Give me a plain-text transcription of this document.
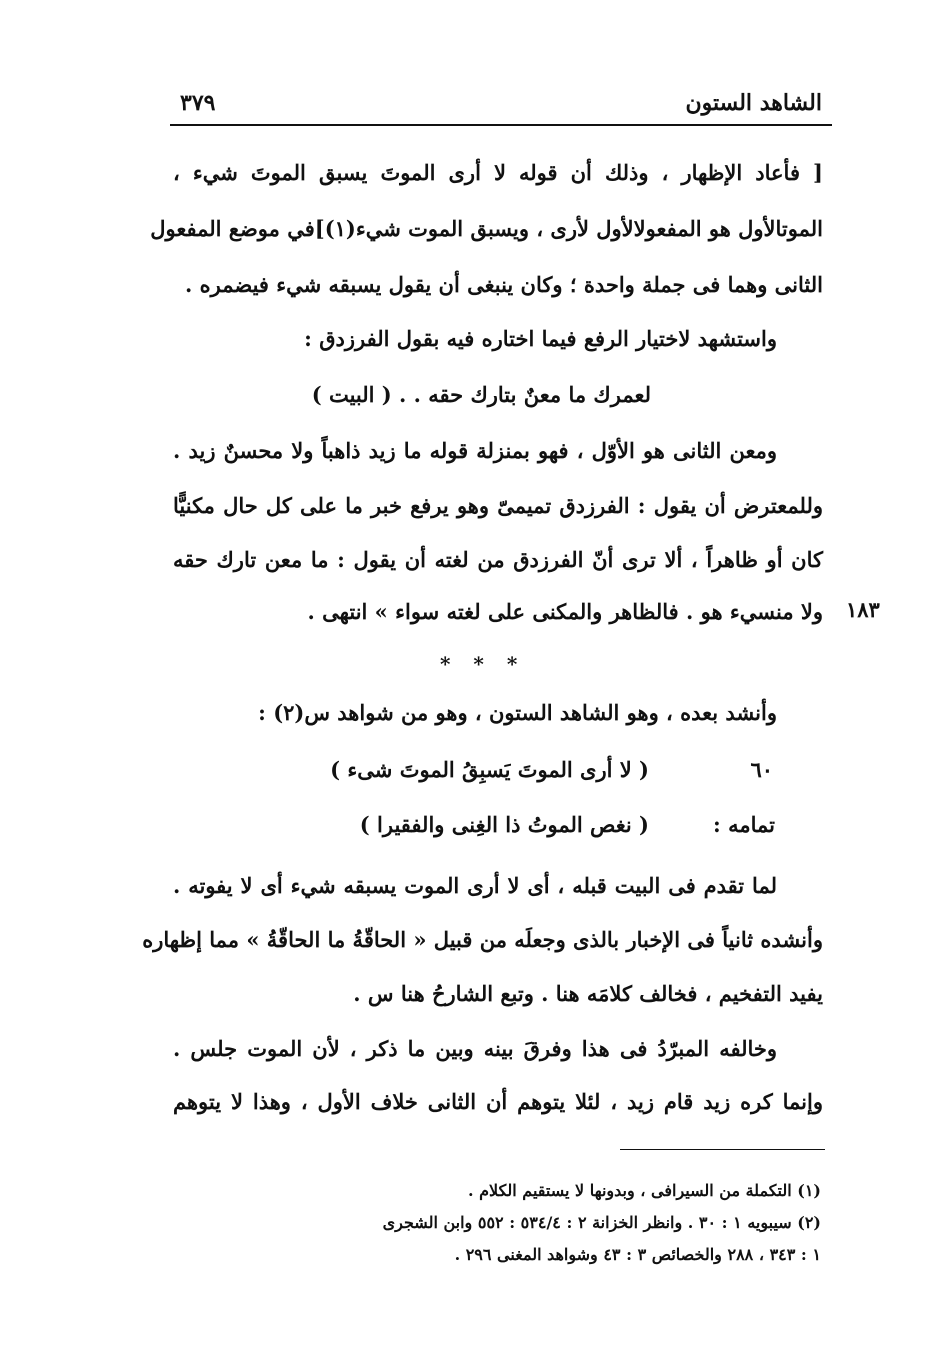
الشاهد الستون
٣٧٩
[ فأعاد الإظهار ، وذلك أن قوله لا أرى الموتَ يسبق الموتَ شيء ،
الموتالأول هو المفعولالأول لأرى ، ويسبق الموت شيء(١)]في موضع المفعول
الثانى وهما فى جملة واحدة ؛ وكان ينبغى أن يقول يسبقه شيء فيضمره .
واستشهد لاختيار الرفع فيما اختاره فيه بقول الفرزدق :
لعمرك ما معنٌ بتارك حقه . . ( البيت )
ومعن الثانى هو الأوّل ، فهو بمنزلة قوله ما زيد ذاهباً ولا محسنٌ زيد .
وللمعترض أن يقول : الفرزدق تميمىّ وهو يرفع خبر ما على كل حال مكنيًّا
كان أو ظاهراً ، ألا ترى أنّ الفرزدق من لغته أن يقول : ما معن تارك حقه
ولا منسيء هو . فالظاهر والمكنى على لغته سواء » انتهى . ١٨٣
* * *
وأنشد بعده ، وهو الشاهد الستون ، وهو من شواهد س(٢) :
٦٠
( لا أرى الموتَ يَسبِقُ الموتَ شىء )
تمامه :
( نغص الموتُ ذا الغِنى والفقيرا )
لما تقدم فى البيت قبله ، أى لا أرى الموت يسبقه شيء أى لا يفوته .
وأنشده ثانياً فى الإخبار بالذى وجعلَه من قبيل « الحاقّةُ ما الحاقّةُ » مما إظهاره
يفيد التفخيم ، فخالف كلامَه هنا . وتبع الشارحُ هنا س .
وخالفه المبرّدُ فى هذا وفرقَ بينه وبين ما ذكر ، لأن الموت جلس .
وإنما كره زيد قام زيد ، لئلا يتوهم أن الثانى خلاف الأول ، وهذا لا يتوهم
(١) التكملة من السيرافى ، وبدونها لا يستقيم الكلام .
(٢) سيبويه ١ : ٣٠ . وانظر الخزانة ٢ : ٥٣٤/٤ : ٥٥٢ وابن الشجرى
١ : ٣٤٣ ، ٢٨٨ والخصائص ٣ : ٤٣ وشواهد المغنى ٢٩٦ .
